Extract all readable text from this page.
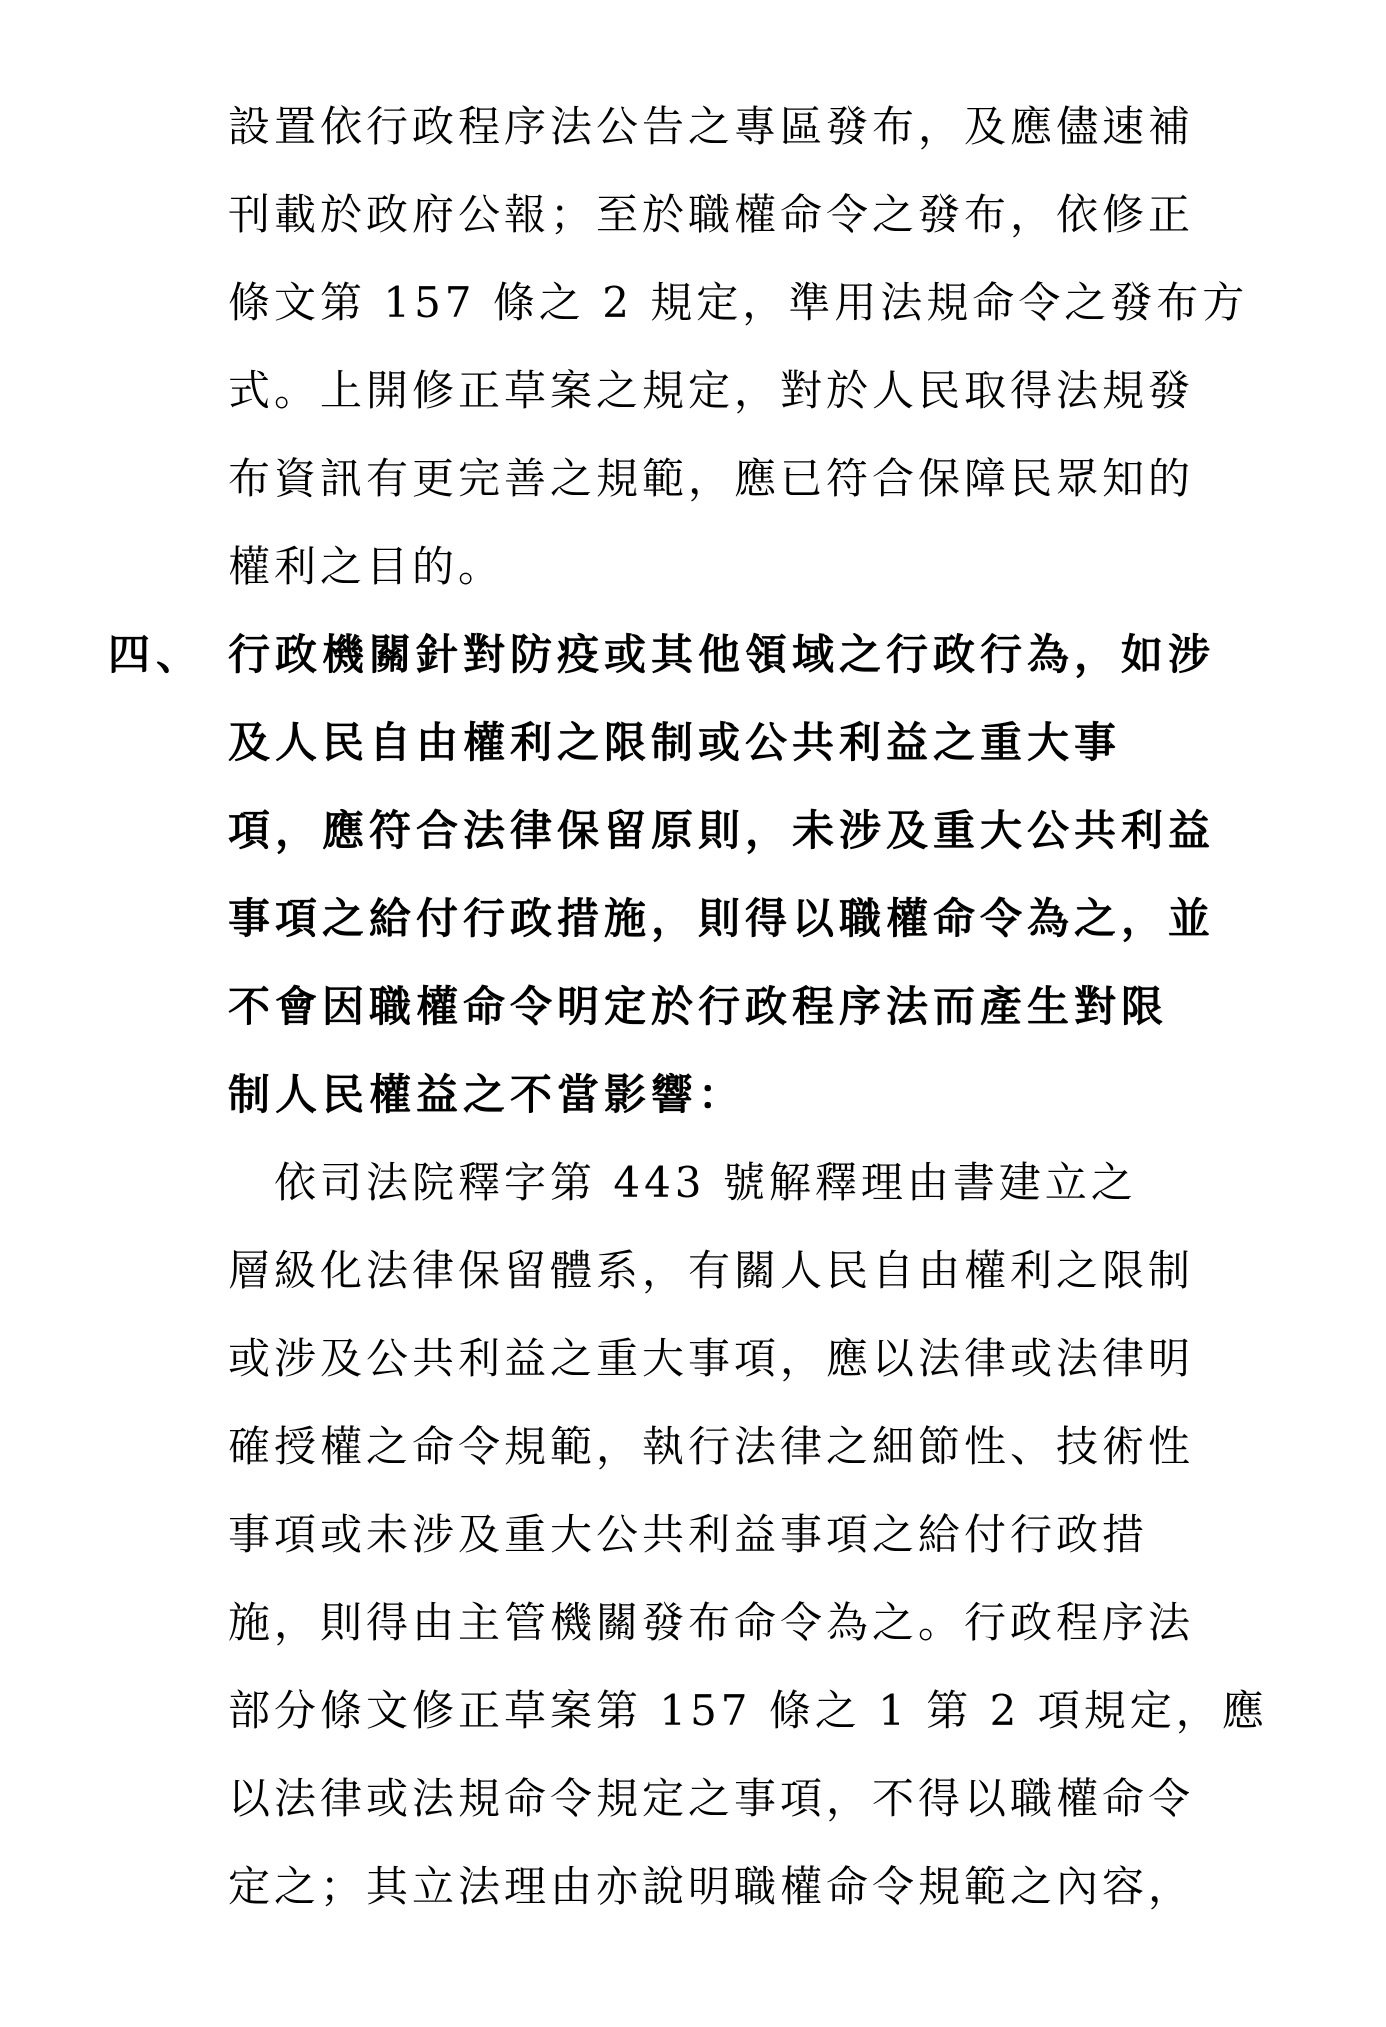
設置依行政程序法公告之專區發布，及應儘速補
刊載於政府公報；至於職權命令之發布，依修正
條文第 157 條之 2 規定，準用法規命令之發布方
式。上開修正草案之規定，對於人民取得法規發
布資訊有更完善之規範，應已符合保障民眾知的
權利之目的。
四、 行政機關針對防疫或其他領域之行政行為，如涉
及人民自由權利之限制或公共利益之重大事
項，應符合法律保留原則，未涉及重大公共利益
事項之給付行政措施，則得以職權命令為之，並
不會因職權命令明定於行政程序法而產生對限
制人民權益之不當影響：
　依司法院釋字第 443 號解釋理由書建立之
層級化法律保留體系，有關人民自由權利之限制
或涉及公共利益之重大事項，應以法律或法律明
確授權之命令規範，執行法律之細節性、技術性
事項或未涉及重大公共利益事項之給付行政措
施，則得由主管機關發布命令為之。行政程序法
部分條文修正草案第 157 條之 1 第 2 項規定，應
以法律或法規命令規定之事項，不得以職權命令
定之；其立法理由亦說明職權命令規範之內容，
